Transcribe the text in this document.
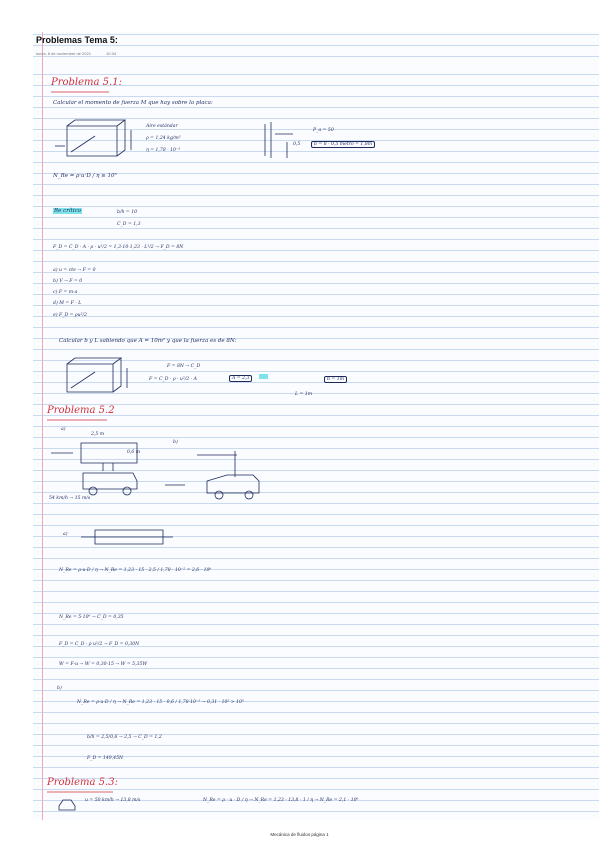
Problemas Tema 5:
lunes, 8 de noviembre de 2021	10:34
Problema 5.1:
Calcular el momento de fuerza M que hay sobre la placa:
Aire estándar
ρ = 1,24 kg/m³
η = 1,78 · 10⁻⁵
P_a = 50
0,5	b = 8 · 0,5 metro = 1,8m
N_Re = ρ·u·D / η ≥ 10⁵
Re crítico	b/h = 10
C_D = 1,3
F_D = C_D · A · ρ · u²/2 = 1,3·10·1,23 · L²/2 → F_D = 8N
a) u = cte → F = 0
b) V → F = 0
c) F = m·a
d) M = F · L
e) F_D = ρu²/2
Calcular b y L sabiendo que A = 10m² y que la fuerza es de 8N:
F = 8N → C_D
F = C_D · ρ · u²/2 · A	A = 2,3
	b = 1m
L = 1m
Problema 5.2
a)
b)
2,5 m
0,6 m
54 km/h → 15 m/s
a)
N_Re = ρ·u·D / η → N_Re = 1,23 · 15 · 2,5 / 1,78 · 10⁻⁵ = 2,6 · 10⁶
N_Re = 5·10⁶ → C_D = 0,35
F_D = C_D · ρ u²/2 → F_D = 0,30N
W = F·u → W = 0,30·15 → W = 5,35W
b)
N_Re = ρ·u·D / η → N_Re = 1,23 · 15 · 0,6 / 1,78·10⁻⁵ → 0,31 · 10⁵ > 10⁵
b/h = 2,5/0,6 → 2,5 → C_D = 1,2
F_D = 149,45N
Problema 5.3:
u = 50 km/h → 13,8 m/s	N_Re = ρ · u · D / η → N_Re = 1,23 · 13,8 · 1 / η → N_Re = 2,1 · 10⁶
Mecánica de fluidos página 1
